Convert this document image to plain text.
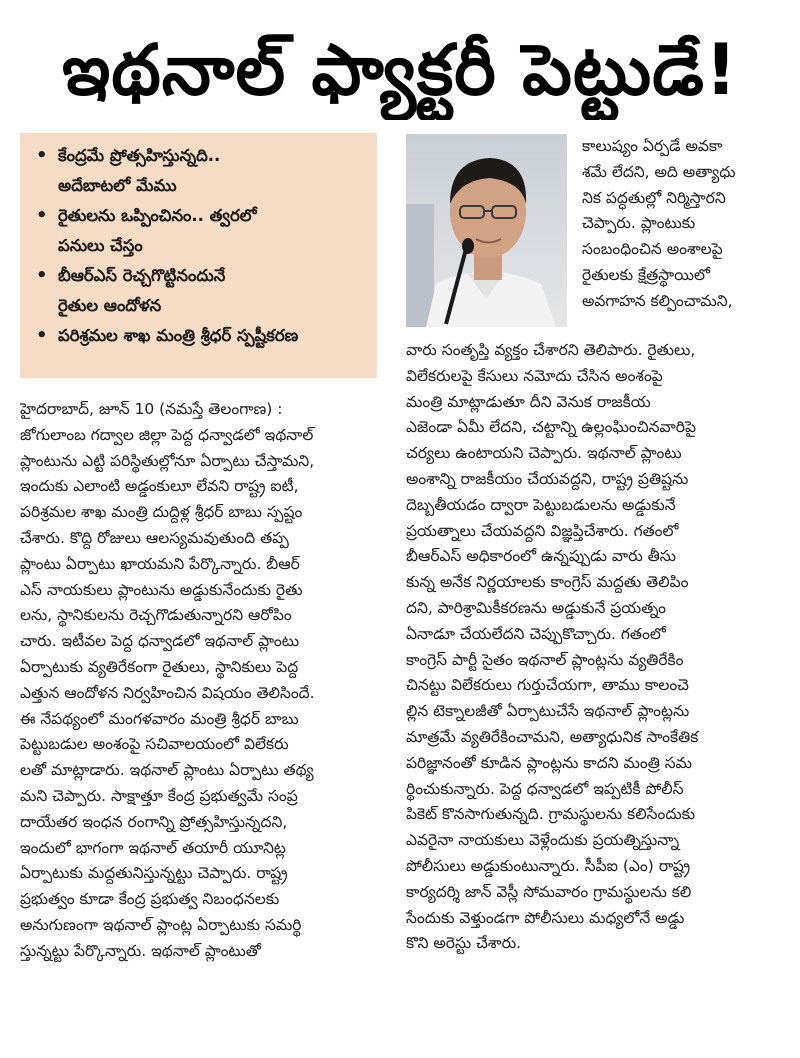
ఇథనాల్ ఫ్యాక్టరీ పెట్టుడే!
• కేంద్రమే ప్రోత్సహిస్తున్నది..
అదేబాటలో మేము
• రైతులను ఒప్పించినం.. త్వరలో
పనులు చేస్తం
• బీఆర్ఎస్ రెచ్చగొట్టినందునే
రైతుల ఆందోళన
• పరిశ్రమల శాఖ మంత్రి శ్రీధర్ స్పష్టీకరణ
హైదరాబాద్, జూన్ 10 (నమస్తే తెలంగాణ) :
జోగులాంబ గద్వాల జిల్లా పెద్ద ధన్వాడలో ఇథనాల్
ప్లాంటును ఎట్టి పరిస్థితుల్లోనూ ఏర్పాటు చేస్తామని,
ఇందుకు ఎలాంటి అడ్డంకులూ లేవని రాష్ట్ర ఐటీ,
పరిశ్రమల శాఖ మంత్రి దుద్దిళ్ల శ్రీధర్ బాబు స్పష్టం
చేశారు. కొద్ది రోజులు ఆలస్యమవుతుంది తప్ప
ప్లాంటు ఏర్పాటు ఖాయమని పేర్కొన్నారు. బీఆర్
ఎస్ నాయకులు ప్లాంటును అడ్డుకునేందుకు రైతు
లను, స్థానికులను రెచ్చగొడుతున్నారని ఆరోపిం
చారు. ఇటీవల పెద్ద ధన్వాడలో ఇథనాల్ ప్లాంటు
ఏర్పాటుకు వ్యతిరేకంగా రైతులు, స్థానికులు పెద్ద
ఎత్తున ఆందోళన నిర్వహించిన విషయం తెలిసిందే.
ఈ నేపథ్యంలో మంగళవారం మంత్రి శ్రీధర్ బాబు
పెట్టుబడుల అంశంపై సచివాలయంలో విలేకరు
లతో మాట్లాడారు. ఇథనాల్ ప్లాంటు ఏర్పాటు తథ్య
మని చెప్పారు. సాక్షాత్తూ కేంద్ర ప్రభుత్వమే సంప్ర
దాయేతర ఇంధన రంగాన్ని ప్రోత్సహిస్తున్నదని,
ఇందులో భాగంగా ఇథనాల్ తయారీ యూనిట్ల
ఏర్పాటుకు మద్దతునిస్తున్నట్టు చెప్పారు. రాష్ట్ర
ప్రభుత్వం కూడా కేంద్ర ప్రభుత్వ నిబంధనలకు
అనుగుణంగా ఇథనాల్ ప్లాంట్ల ఏర్పాటుకు సమర్థి
స్తున్నట్టు పేర్కొన్నారు. ఇథనాల్ ప్లాంటుతో
కాలుష్యం ఏర్పడే అవకా
శమే లేదని, అది అత్యాధు
నిక పద్ధతుల్లో నిర్మిస్తారని
చెప్పారు. ప్లాంటుకు
సంబంధించిన అంశాలపై
రైతులకు క్షేత్రస్థాయిలో
అవగాహన కల్పించామని,
వారు సంతృప్తి వ్యక్తం చేశారని తెలిపారు. రైతులు,
విలేకరులపై కేసులు నమోదు చేసిన అంశంపై
మంత్రి మాట్లాడుతూ దీని వెనుక రాజకీయ
ఎజెండా ఏమీ లేదని, చట్టాన్ని ఉల్లంఘించినవారిపై
చర్యలు ఉంటాయని చెప్పారు. ఇథనాల్ ప్లాంటు
అంశాన్ని రాజకీయం చేయవద్దని, రాష్ట్ర ప్రతిష్టను
దెబ్బతీయడం ద్వారా పెట్టుబడులను అడ్డుకునే
ప్రయత్నాలు చేయవద్దని విజ్ఞప్తిచేశారు. గతంలో
బీఆర్ఎస్ అధికారంలో ఉన్నప్పుడు వారు తీసు
కున్న అనేక నిర్ణయాలకు కాంగ్రెస్ మద్దతు తెలిపిం
దని, పారిశ్రామికీకరణను అడ్డుకునే ప్రయత్నం
ఏనాడూ చేయలేదని చెప్పుకొచ్చారు. గతంలో
కాంగ్రెస్ పార్టీ సైతం ఇథనాల్ ప్లాంట్లను వ్యతిరేకిం
చినట్టు విలేకరులు గుర్తుచేయగా, తాము కాలంచె
ల్లిన టెక్నాలజీతో ఏర్పాటుచేసే ఇథనాల్ ప్లాంట్లను
మాత్రమే వ్యతిరేకించామని, అత్యాధునిక సాంకేతిక
పరిజ్ఞానంతో కూడిన ప్లాంట్లను కాదని మంత్రి సమ
ర్థించుకున్నారు. పెద్ద ధన్వాడలో ఇప్పటికీ పోలీస్
పికెట్ కొనసాగుతున్నది. గ్రామస్థులను కలిసేందుకు
ఎవరైనా నాయకులు వెళ్లేందుకు ప్రయత్నిస్తున్నా
పోలీసులు అడ్డుకుంటున్నారు. సీపీఐ (ఎం) రాష్ట్ర
కార్యదర్శి జాన్ వెస్లీ సోమవారం గ్రామస్థులను కలి
సేందుకు వెళ్తుండగా పోలీసులు మధ్యలోనే అడ్డు
కొని అరెస్టు చేశారు.
